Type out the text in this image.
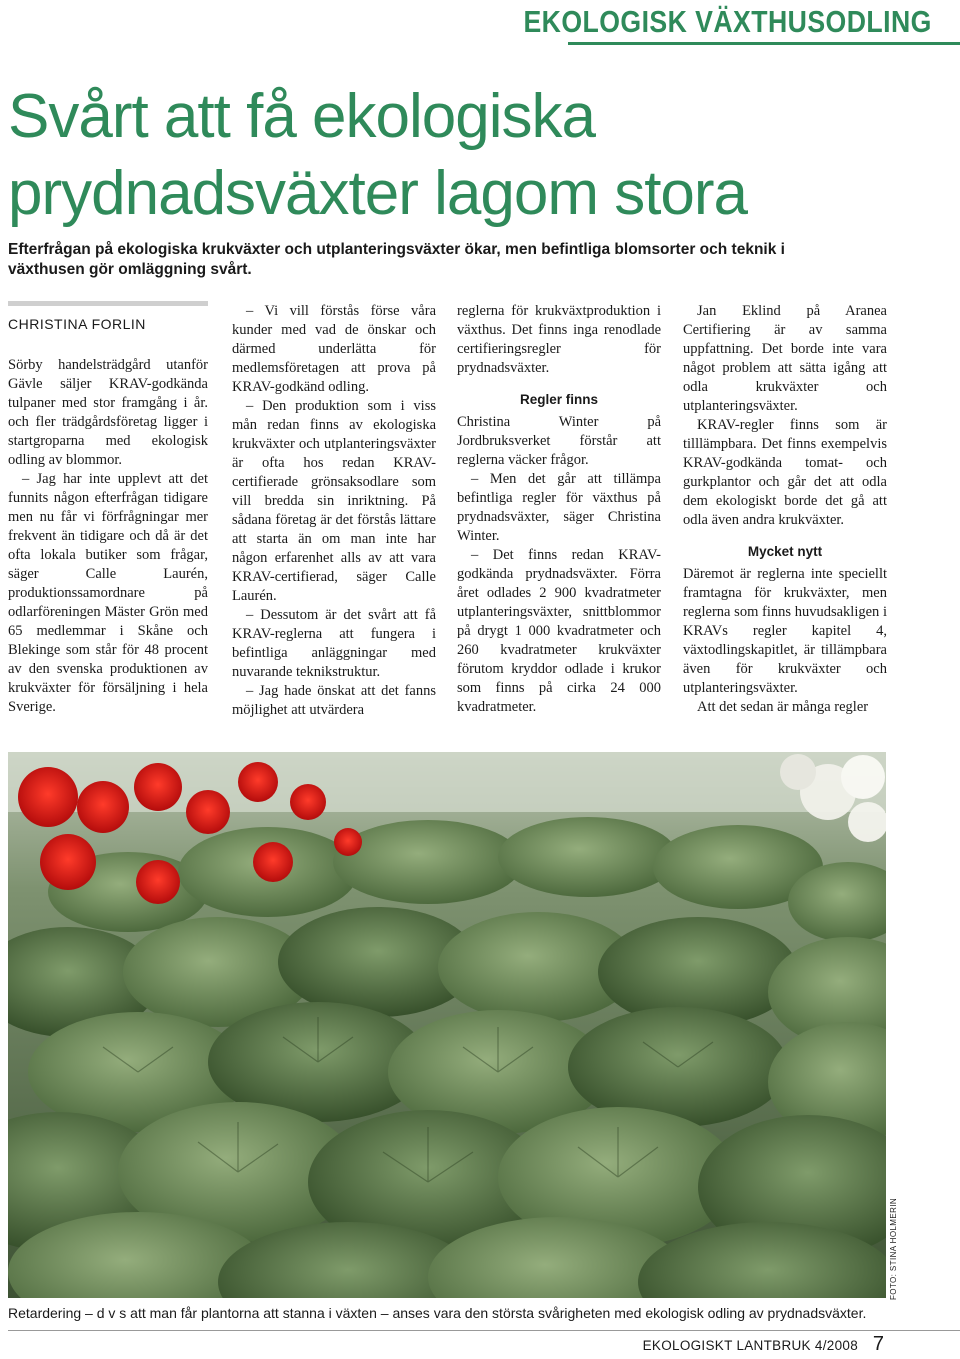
EKOLOGISK VÄXTHUSODLING
Svårt att få ekologiska
prydnadsväxter lagom stora

Efterfrågan på ekologiska krukväxter och utplanteringsväxter ökar, men befintliga blomsorter och teknik i växthusen gör omläggning svårt.

CHRISTINA FORLIN

Sörby handelsträdgård utanför Gävle säljer KRAV-godkända tulpaner med stor framgång i år. och fler trädgårdsföretag ligger i startgroparna med ekologisk odling av blommor.

– Jag har inte upplevt att det funnits någon efterfrågan tidigare men nu får vi förfrågningar mer frekvent än tidigare och då är det ofta lokala butiker som frågar, säger Calle Laurén, produktionssamordnare på odlarföreningen Mäster Grön med 65 medlemmar i Skåne och Blekinge som står för 48 procent av den svenska produktionen av krukväxter för försäljning i hela Sverige.

– Vi vill förstås förse våra kunder med vad de önskar och därmed underlätta för medlemsföretagen att prova på KRAV-godkänd odling.

– Den produktion som i viss mån redan finns av ekologiska krukväxter och utplanteringsväxter är ofta hos redan KRAV-certifierade grönsaksodlare som vill bredda sin inriktning. På sådana företag är det förstås lättare att starta än om man inte har någon erfarenhet alls av att vara KRAV-certifierad, säger Calle Laurén.

– Dessutom är det svårt att få KRAV-reglerna att fungera i befintliga anläggningar med nuvarande teknikstruktur.

– Jag hade önskat att det fanns möjlighet att utvärdera

reglerna för krukväxtproduktion i växthus. Det finns inga renodlade certifieringsregler för prydnadsväxter.

Regler finns

Christina Winter på Jordbruksverket förstår att reglerna väcker frågor.

– Men det går att tillämpa befintliga regler för växthus på prydnadsväxter, säger Christina Winter.

– Det finns redan KRAV-godkända prydnadsväxter. Förra året odlades 2 900 kvadratmeter utplanteringsväxter, snittblommor på drygt 1 000 kvadratmeter och 260 kvadratmeter krukväxter förutom kryddor odlade i krukor som finns på cirka 24 000 kvadratmeter.

Jan Eklind på Aranea Certifiering är av samma uppfattning. Det borde inte vara något problem att sätta igång att odla krukväxter och utplanteringsväxter.

KRAV-regler finns som är tilllämpbara. Det finns exempelvis KRAV-godkända tomat- och gurkplantor och går det att odla dem ekologiskt borde det gå att odla även andra krukväxter.

Mycket nytt

Däremot är reglerna inte speciellt framtagna för krukväxter, men reglerna som finns huvudsakligen i KRAVs regler kapitel 4, växtodlingskapitlet, är tillämpbara även för krukväxter och utplanteringsväxter.

Att det sedan är många regler

FOTO: STINA HOLMERIN
Retardering – d v s att man får plantorna att stanna i växten – anses vara den största svårigheten med ekologisk odling av prydnadsväxter.
EKOLOGISKT LANTBRUK 4/2008 7
